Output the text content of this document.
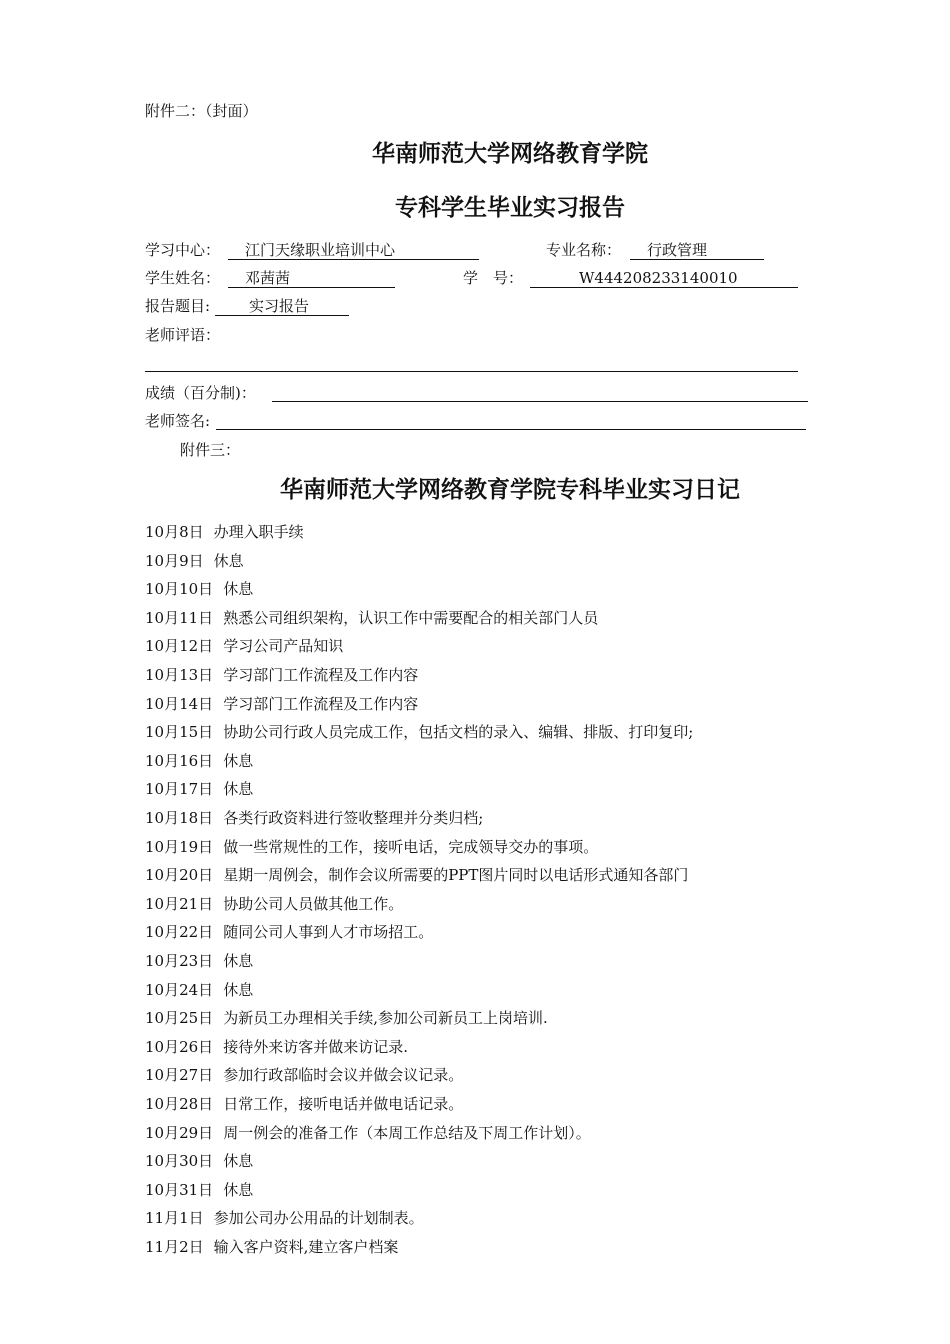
附件二：（封面）
华南师范大学网络教育学院
专科学生毕业实习报告
学习中心： 江门天缘职业培训中心	专业名称： 行政管理
学生姓名： 邓茜茜	学　号：	W444208233140010
报告题目:	实习报告
老师评语：
成绩（百分制)：
老师签名:
附件三：
华南师范大学网络教育学院专科毕业实习日记
10月8日 办理入职手续
10月9日 休息
10月10日 休息
10月11日 熟悉公司组织架构，认识工作中需要配合的相关部门人员
10月12日 学习公司产品知识
10月13日 学习部门工作流程及工作内容
10月14日 学习部门工作流程及工作内容
10月15日 协助公司行政人员完成工作，包括文档的录入、编辑、排版、打印复印;
10月16日 休息
10月17日 休息
10月18日 各类行政资料进行签收整理并分类归档;
10月19日 做一些常规性的工作，接听电话，完成领导交办的事项。
10月20日 星期一周例会，制作会议所需要的PPT图片同时以电话形式通知各部门
10月21日 协助公司人员做其他工作。
10月22日 随同公司人事到人才市场招工。
10月23日 休息
10月24日 休息
10月25日 为新员工办理相关手续,参加公司新员工上岗培训.
10月26日 接待外来访客并做来访记录.
10月27日 参加行政部临时会议并做会议记录。
10月28日 日常工作，接听电话并做电话记录。
10月29日 周一例会的准备工作（本周工作总结及下周工作计划）。
10月30日 休息
10月31日 休息
11月1日 参加公司办公用品的计划制表。
11月2日 输入客户资料,建立客户档案
